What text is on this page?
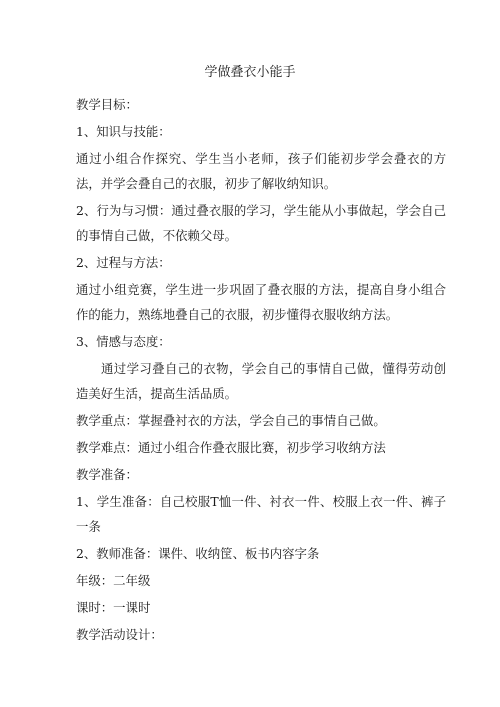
学做叠衣小能手

教学目标：

1、知识与技能：

通过小组合作探究、学生当小老师，孩子们能初步学会叠衣的方法，并学会叠自己的衣服，初步了解收纳知识。

2、行为与习惯：通过叠衣服的学习，学生能从小事做起，学会自己的事情自己做，不依赖父母。

2、过程与方法：

通过小组竞赛，学生进一步巩固了叠衣服的方法，提高自身小组合作的能力，熟练地叠自己的衣服，初步懂得衣服收纳方法。

3、情感与态度：

通过学习叠自己的衣物，学会自己的事情自己做，懂得劳动创造美好生活，提高生活品质。

教学重点：掌握叠衬衣的方法，学会自己的事情自己做。

教学难点：通过小组合作叠衣服比赛，初步学习收纳方法

教学准备：

1、学生准备：自己校服T恤一件、衬衣一件、校服上衣一件、裤子一条

2、教师准备：课件、收纳筐、板书内容字条

年级：二年级

课时：一课时

教学活动设计：
